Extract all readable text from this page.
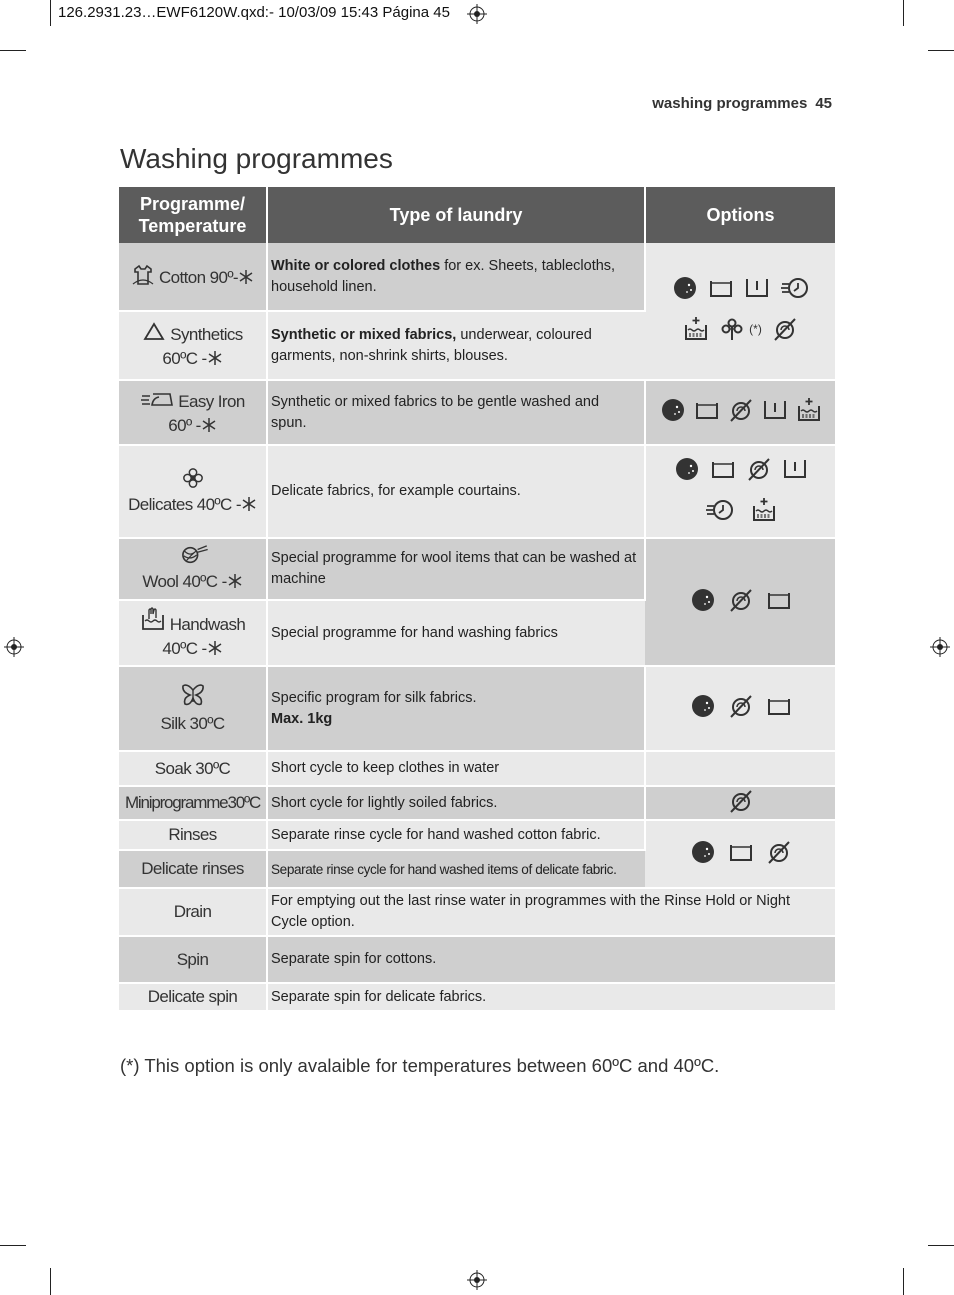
126.2931.23…EWF6120W.qxd:- 10/03/09 15:43 Página 45
washing programmes 45
Washing programmes
Programme/
Temperature	Type of laundry	Options
Cotton 90º-	White or colored clothes for ex. Sheets, tablecloths, household linen.	(*)

Synthetics
60ºC -	Synthetic or mixed fabrics, underwear, coloured garments, non-shrink shirts, blouses.	
Easy Iron
60º -	Synthetic or mixed fabrics to be gentle washed and spun.	

Delicates 40ºC -	Delicate fabrics, for example courtains.	

Wool 40ºC -	Special programme for wool items that can be washed at machine	

Handwash
40ºC -	Special programme for hand washing fabrics	

Silk 30ºC	Specific program for silk fabrics.
Max. 1kg	

Soak 30ºC	Short cycle to keep clothes in water	
Miniprogramme30ºC	Short cycle for lightly soiled fabrics.	

Rinses	Separate rinse cycle for hand washed cotton fabric.	

Delicate rinses	Separate rinse cycle for hand washed items of delicate fabric.	
Drain	For emptying out the last rinse water in programmes with the Rinse Hold or Night Cycle option.	
Spin	Separate spin for cottons.	
Delicate spin	Separate spin for delicate fabrics.	
(*) This option is only avalaible for temperatures between 60ºC and 40ºC.
